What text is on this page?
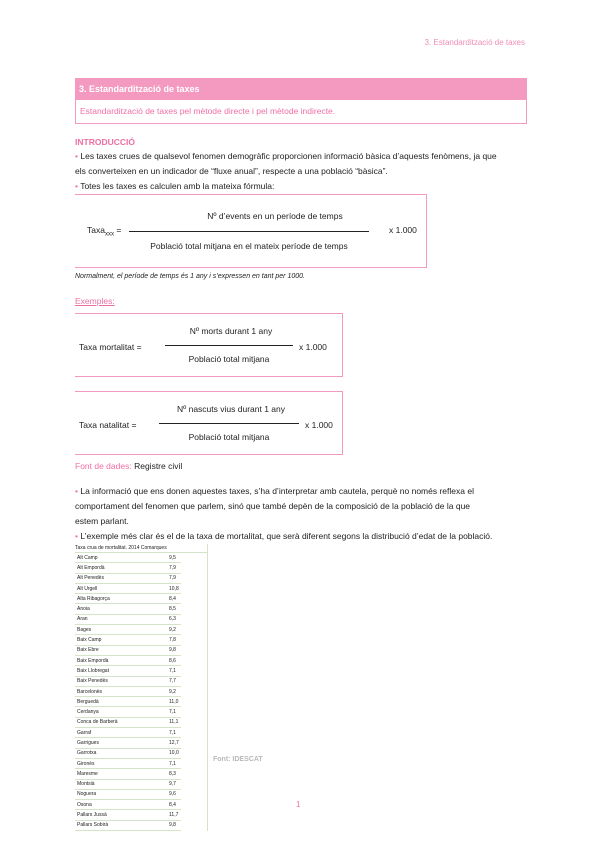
3. Estandardització de taxes
3. Estandardització de taxes
Estandardització de taxes pel mètode directe i pel mètode indirecte.
INTRODUCCIÓ
• Les taxes crues de qualsevol fenomen demogràfic proporcionen informació bàsica d’aquests fenòmens, ja que
els converteixen en un indicador de “fluxe anual”, respecte a una població “bàsica”.
• Totes les taxes es calculen amb la mateixa fórmula:
Taxa$_{xxx}$ =
Nº d’events en un període de temps
Població total mitjana en el mateix període de temps
x 1.000
Normalment, el període de temps és 1 any i s’expressen en tant per 1000.
Exemples:
Taxa mortalitat =
Nº morts durant 1 any
Població total mitjana
x 1.000
Taxa natalitat =
Nº nascuts vius durant 1 any
Població total mitjana
x 1.000
Font de dades: Registre civil
• La informació que ens donen aquestes taxes, s’ha d’interpretar amb cautela, perquè no només reflexa el
comportament del fenomen que parlem, sinó que també depèn de la composició de la població de la que
estem parlant.
• L’exemple més clar és el de la taxa de mortalitat, que serà diferent segons la distribució d’edat de la població.
Taxa crua de mortalitat. 2014 Comarques
Alt Camp	9,5
Alt Empordà	7,9
Alt Penedès	7,9
Alt Urgell	10,8
Alta Ribagorça	8,4
Anoia	8,5
Aran	6,3
Bages	9,2
Baix Camp	7,8
Baix Ebre	9,8
Baix Empordà	8,6
Baix Llobregat	7,1
Baix Penedès	7,7
Barcelonès	9,2
Berguedà	11,0
Cerdanya	7,1
Conca de Barberà	11,1
Garraf	7,1
Garrigues	12,7
Garrotxa	10,0
Gironès	7,1
Maresme	8,3
Montsià	9,7
Noguera	9,6
Osona	8,4
Pallars Jussà	11,7
Pallars Sobirà	9,8
Font: IDESCAT
1
